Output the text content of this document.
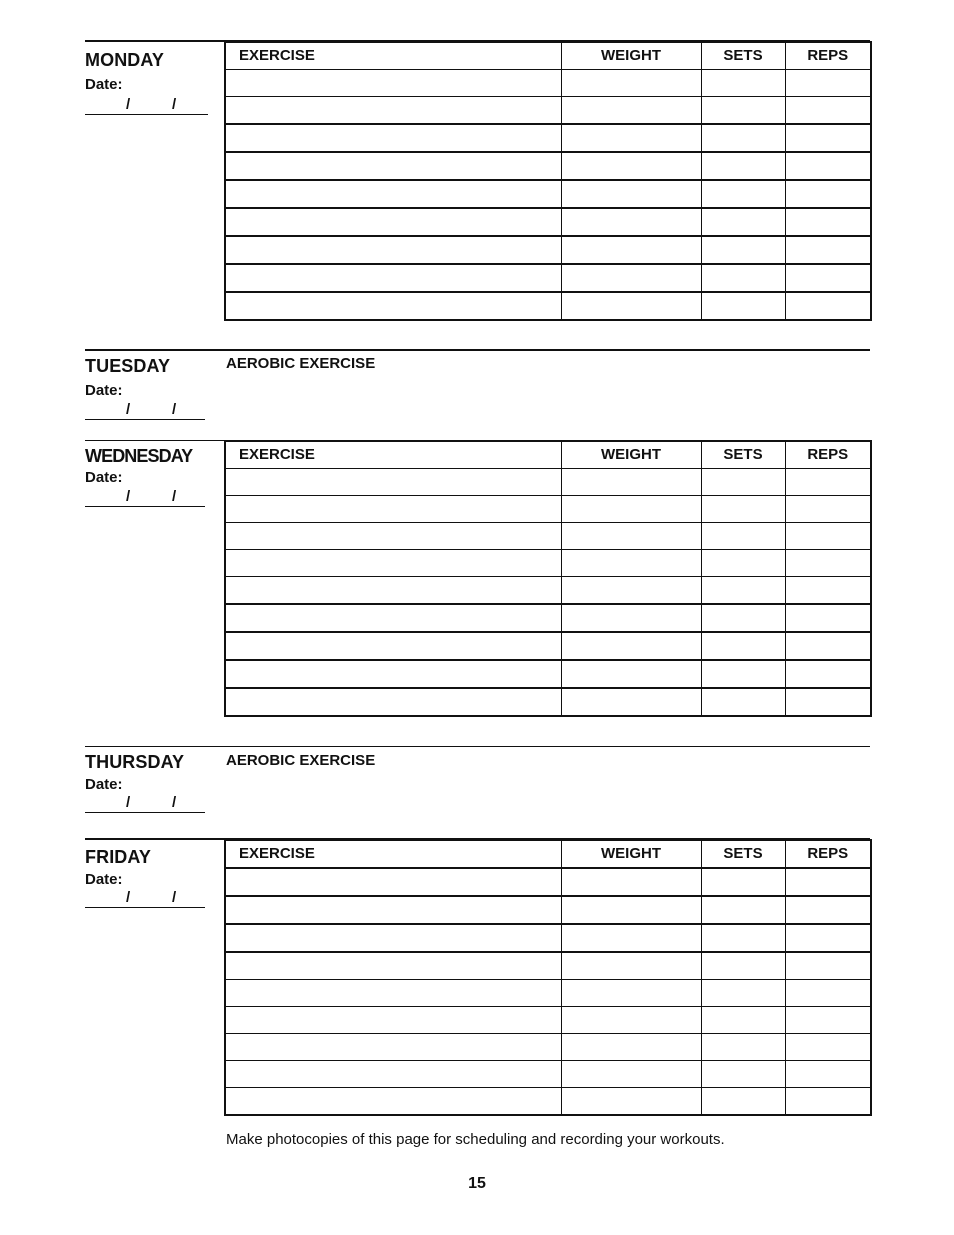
MONDAY
Date:
/	/
EXERCISE	WEIGHT	SETS	REPS

TUESDAY
Date:
/	/
AEROBIC EXERCISE
WEDNESDAY
Date:
/	/
EXERCISE	WEIGHT	SETS	REPS

THURSDAY
Date:
/	/
AEROBIC EXERCISE
FRIDAY
Date:
/	/
EXERCISE	WEIGHT	SETS	REPS

Make photocopies of this page for scheduling and recording your workouts.
15
